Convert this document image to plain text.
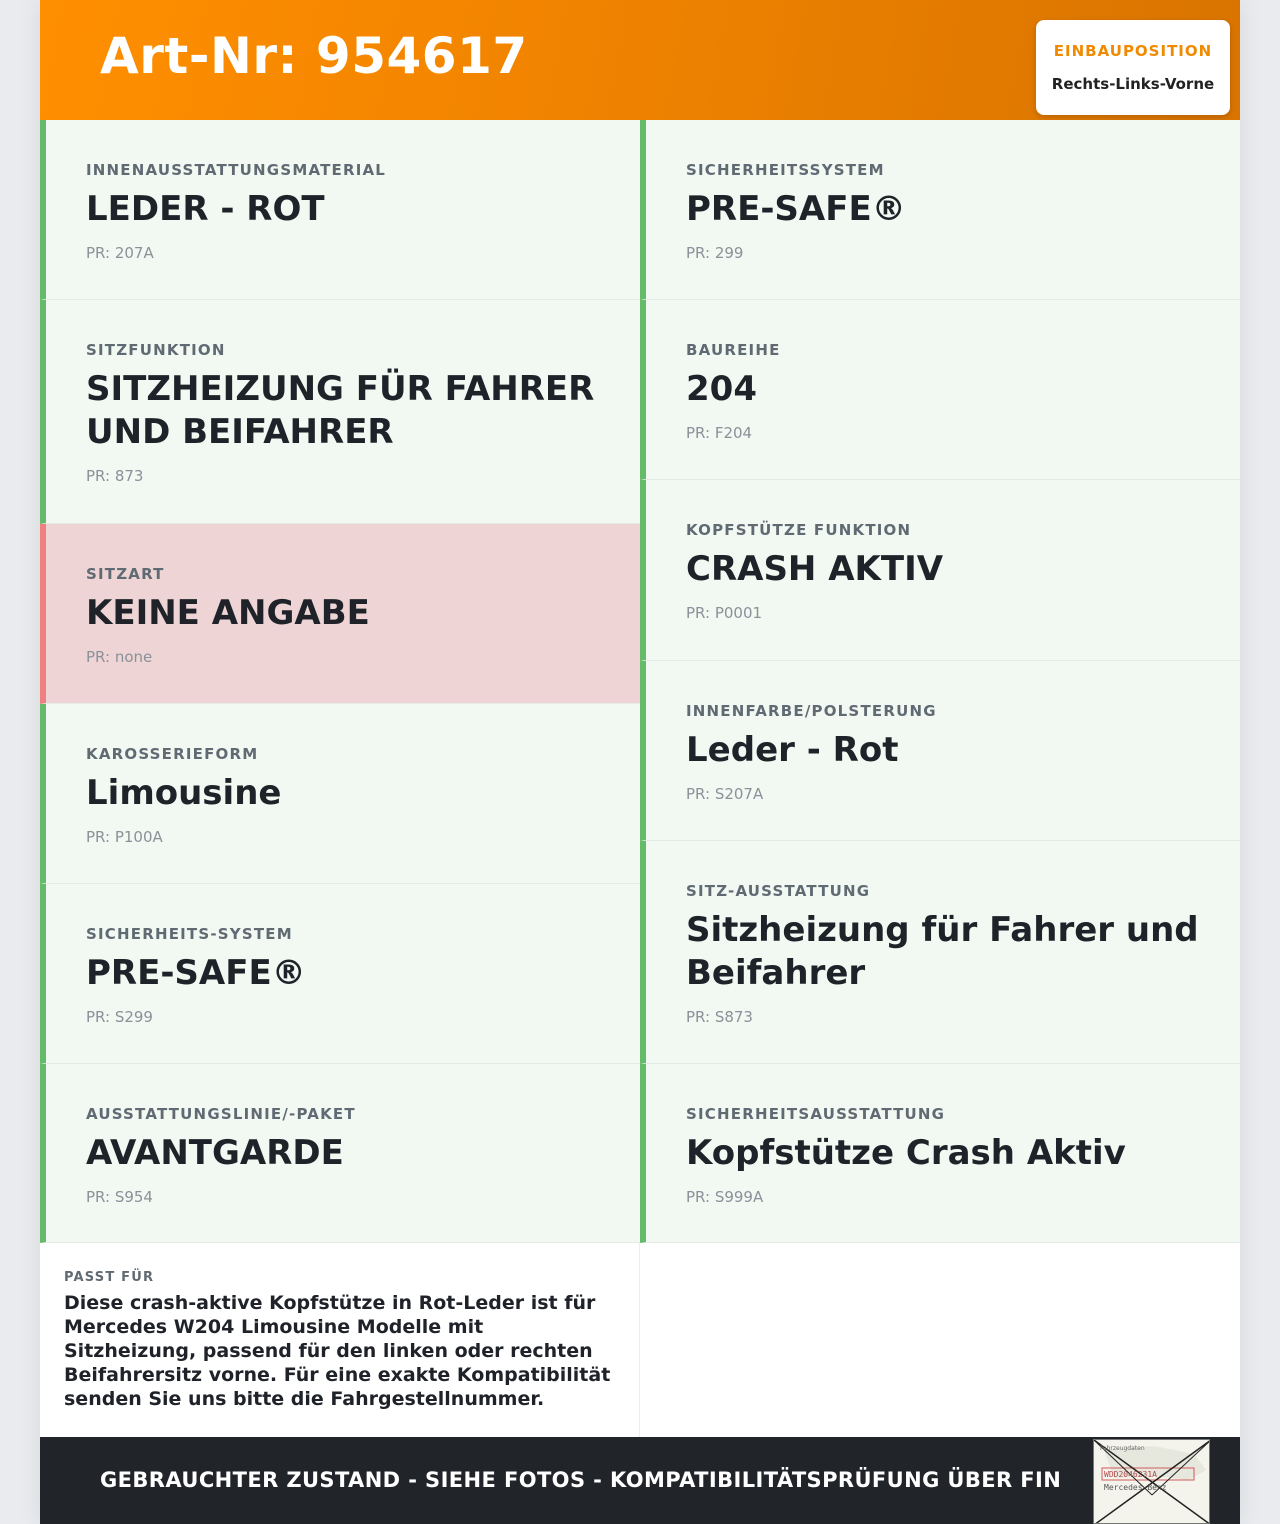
Art-Nr: 954617	EINBAUPOSITION
Rechts-Links-Vorne
INNENAUSSTATTUNGSMATERIAL
LEDER - ROT
PR: 207A
SITZFUNKTION
SITZHEIZUNG FÜR FAHRER UND BEIFAHRER
PR: 873
SITZART
KEINE ANGABE
PR: none
KAROSSERIEFORM
Limousine
PR: P100A
SICHERHEITS-SYSTEM
PRE-SAFE®
PR: S299
AUSSTATTUNGSLINIE/-PAKET
AVANTGARDE
PR: S954
SICHERHEITSSYSTEM
PRE-SAFE®
PR: 299
BAUREIHE
204
PR: F204
KOPFSTÜTZE FUNKTION
CRASH AKTIV
PR: P0001
INNENFARBE/POLSTERUNG
Leder - Rot
PR: S207A
SITZ-AUSSTATTUNG
Sitzheizung für Fahrer und Beifahrer
PR: S873
SICHERHEITSAUSSTATTUNG
Kopfstütze Crash Aktiv
PR: S999A
PASST FÜR
Diese crash-aktive Kopfstütze in Rot-Leder ist für Mercedes W204 Limousine Modelle mit Sitzheizung, passend für den linken oder rechten Beifahrersitz vorne. Für eine exakte Kompatibilität senden Sie uns bitte die Fahrgestellnummer.
GEBRAUCHTER ZUSTAND - SIEHE FOTOS - KOMPATIBILITÄTSPRÜFUNG ÜBER FIN
Fahrzeugdaten
WDD2046231A
Mercedes-Benz
